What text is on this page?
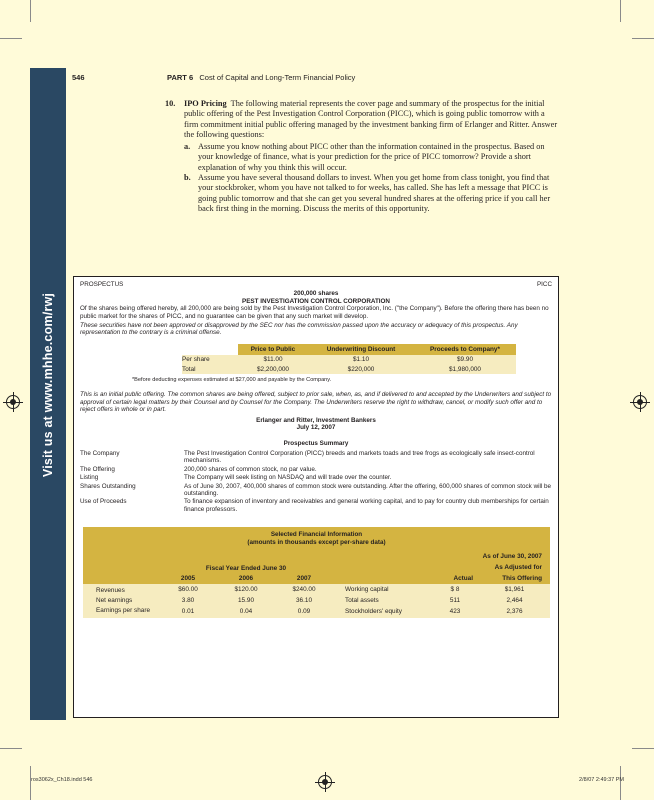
Visit us at www.mhhe.com/rwj
546	PART 6 Cost of Capital and Long-Term Financial Policy
10. IPO Pricing The following material represents the cover page and summary of the prospectus for the initial public offering of the Pest Investigation Control Corporation (PICC), which is going public tomorrow with a firm commitment initial public offering managed by the investment banking firm of Erlanger and Ritter. Answer the following questions:
a. Assume you know nothing about PICC other than the information contained in the prospectus. Based on your knowledge of finance, what is your prediction for the price of PICC tomorrow? Provide a short explanation of why you think this will occur.
b. Assume you have several thousand dollars to invest. When you get home from class tonight, you find that your stockbroker, whom you have not talked to for weeks, has called. She has left a message that PICC is going public tomorrow and that she can get you several hundred shares at the offering price if you call her back first thing in the morning. Discuss the merits of this opportunity.
PROSPECTUS	PICC
200,000 shares
PEST INVESTIGATION CONTROL CORPORATION
Of the shares being offered hereby, all 200,000 are being sold by the Pest Investigation Control Corporation, Inc. ("the Company"). Before the offering there has been no public market for the shares of PICC, and no guarantee can be given that any such market will develop.
These securities have not been approved or disapproved by the SEC nor has the commission passed upon the accuracy or adequacy of this prospectus. Any representation to the contrary is a criminal offense.
	Price to Public	Underwriting Discount	Proceeds to Company*
Per share	$11.00	$1.10	$9.90
Total	$2,200,000	$220,000	$1,980,000
*Before deducting expenses estimated at $27,000 and payable by the Company.
This is an initial public offering. The common shares are being offered, subject to prior sale, when, as, and if delivered to and accepted by the Underwriters and subject to approval of certain legal matters by their Counsel and by Counsel for the Company. The Underwriters reserve the right to withdraw, cancel, or modify such offer and to reject offers in whole or in part.
Erlanger and Ritter, Investment Bankers
July 12, 2007
Prospectus Summary
The Company	The Pest Investigation Control Corporation (PICC) breeds and markets toads and tree frogs as ecologically safe insect-control mechanisms.
The Offering	200,000 shares of common stock, no par value.
Listing	The Company will seek listing on NASDAQ and will trade over the counter.
Shares Outstanding	As of June 30, 2007, 400,000 shares of common stock were outstanding. After the offering, 600,000 shares of common stock will be outstanding.
Use of Proceeds	To finance expansion of inventory and receivables and general working capital, and to pay for country club memberships for certain finance professors.
Selected Financial Information
(amounts in thousands except per-share data)
						As of June 30, 2007	
	Fiscal Year Ended June 30						As Adjusted for
	2005	2006	2007			Actual	This Offering
Revenues	$60.00	$120.00	$240.00		Working capital	$ 8	$1,961
Net earnings	3.80	15.90	36.10		Total assets	511	2,464
Earnings per share	0.01	0.04	0.09		Stockholders' equity	423	2,376
ros3062x_Ch18.indd 546	2/8/07 2:49:37 PM
